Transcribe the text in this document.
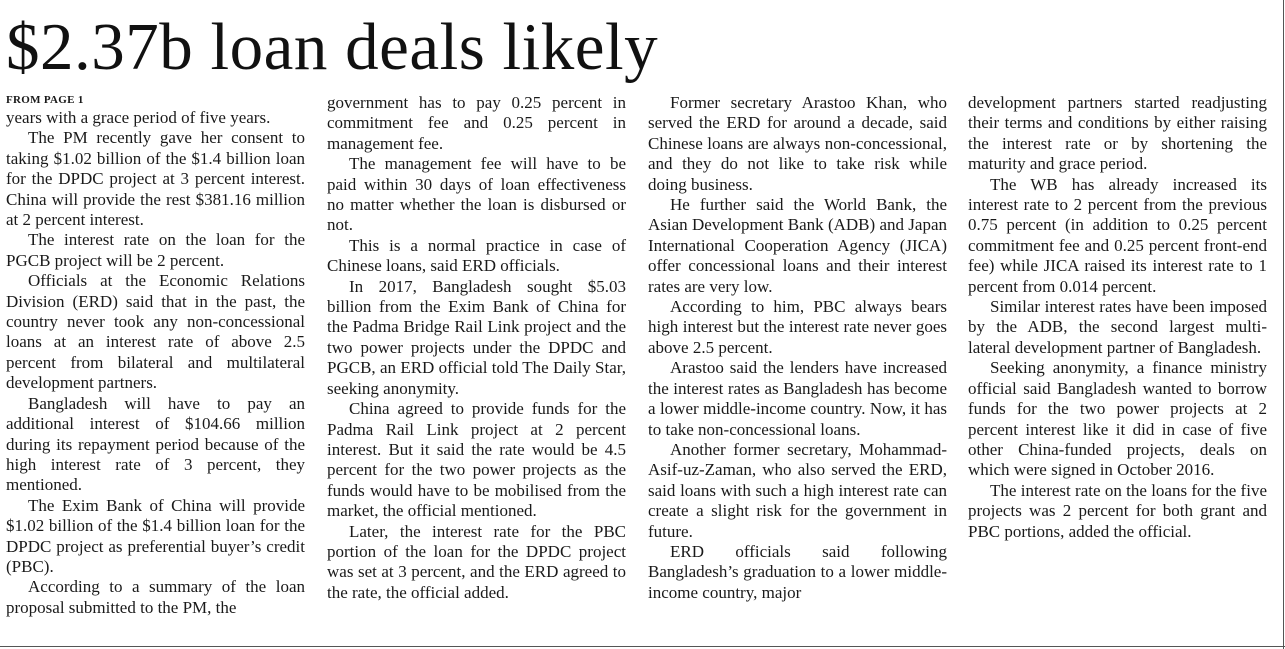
$2.37b loan deals likely
FROM PAGE 1

years with a grace period of five years.

The PM recently gave her consent to taking $1.02 billion of the $1.4 billion loan for the DPDC project at 3 percent interest. China will provide the rest $381.16 million at 2 percent interest.

The interest rate on the loan for the PGCB project will be 2 percent.

Officials at the Economic Relations Division (ERD) said that in the past, the country never took any non-concessional loans at an interest rate of above 2.5 percent from bilateral and multilateral development partners.

Bangladesh will have to pay an additional interest of $104.66 million during its repayment period because of the high interest rate of 3 percent, they mentioned.

The Exim Bank of China will provide $1.02 billion of the $1.4 billion loan for the DPDC project as preferential buyer’s credit (PBC).

According to a summary of the loan proposal submitted to the PM, the

government has to pay 0.25 percent in commitment fee and 0.25 percent in management fee.

The management fee will have to be paid within 30 days of loan effectiveness no matter whether the loan is disbursed or not.

This is a normal practice in case of Chinese loans, said ERD officials.

In 2017, Bangladesh sought $5.03 billion from the Exim Bank of China for the Padma Bridge Rail Link project and the two power projects under the DPDC and PGCB, an ERD official told The Daily Star, seeking anonymity.

China agreed to provide funds for the Padma Rail Link project at 2 percent interest. But it said the rate would be 4.5 percent for the two power projects as the funds would have to be mobilised from the market, the official mentioned.

Later, the interest rate for the PBC portion of the loan for the DPDC project was set at 3 percent, and the ERD agreed to the rate, the official added.

Former secretary Arastoo Khan, who served the ERD for around a decade, said Chinese loans are always non-concessional, and they do not like to take risk while doing business.

He further said the World Bank, the Asian Development Bank (ADB) and Japan International Cooperation Agency (JICA) offer concessional loans and their interest rates are very low.

According to him, PBC always bears high interest but the interest rate never goes above 2.5 percent.

Arastoo said the lenders have increased the interest rates as Bangladesh has become a lower middle-income country. Now, it has to take non-concessional loans.

Another former secretary, Mohammad-Asif-uz-Zaman, who also served the ERD, said loans with such a high interest rate can create a slight risk for the government in future.

ERD officials said following Bangladesh’s graduation to a lower middle-income country, major

development partners started readjusting their terms and conditions by either raising the interest rate or by shortening the maturity and grace period.

The WB has already increased its interest rate to 2 percent from the previous 0.75 percent (in addition to 0.25 percent commitment fee and 0.25 percent front-end fee) while JICA raised its interest rate to 1 percent from 0.014 percent.

Similar interest rates have been imposed by the ADB, the second largest multi-lateral development partner of Bangladesh.

Seeking anonymity, a finance ministry official said Bangladesh wanted to borrow funds for the two power projects at 2 percent interest like it did in case of five other China-funded projects, deals on which were signed in October 2016.

The interest rate on the loans for the five projects was 2 percent for both grant and PBC portions, added the official.
